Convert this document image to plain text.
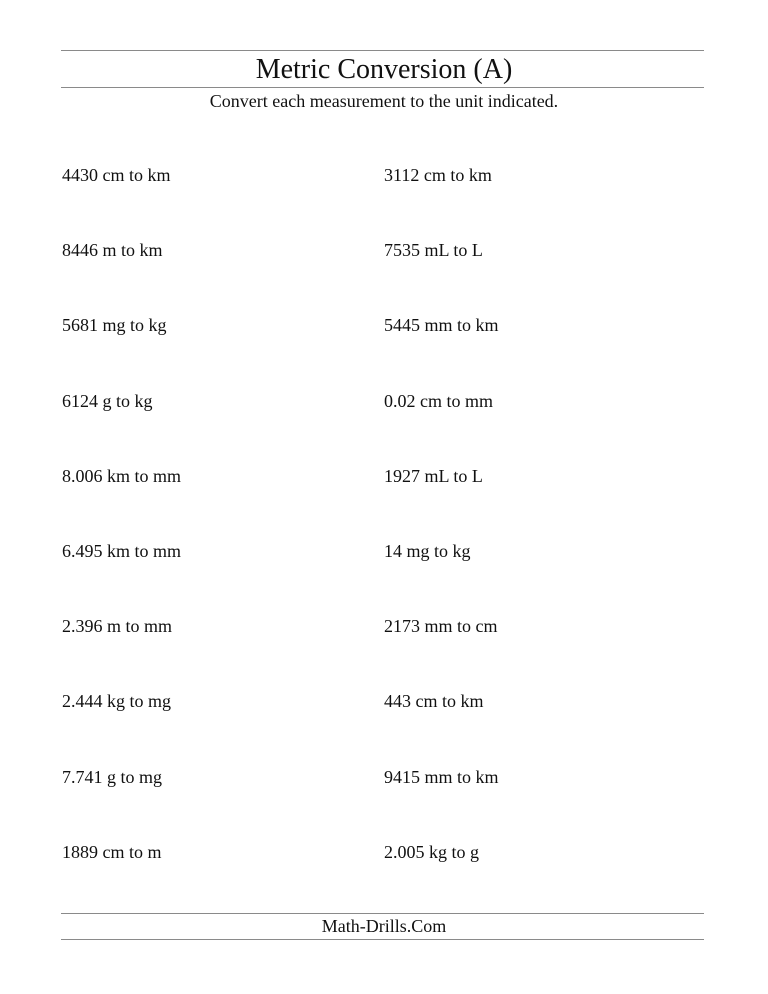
Metric Conversion (A)
Convert each measurement to the unit indicated.
4430 cm to km	3112 cm to km
8446 m to km	7535 mL to L
5681 mg to kg	5445 mm to km
6124 g to kg	0.02 cm to mm
8.006 km to mm	1927 mL to L
6.495 km to mm	14 mg to kg
2.396 m to mm	2173 mm to cm
2.444 kg to mg	443 cm to km
7.741 g to mg	9415 mm to km
1889 cm to m	2.005 kg to g
Math-Drills.Com
